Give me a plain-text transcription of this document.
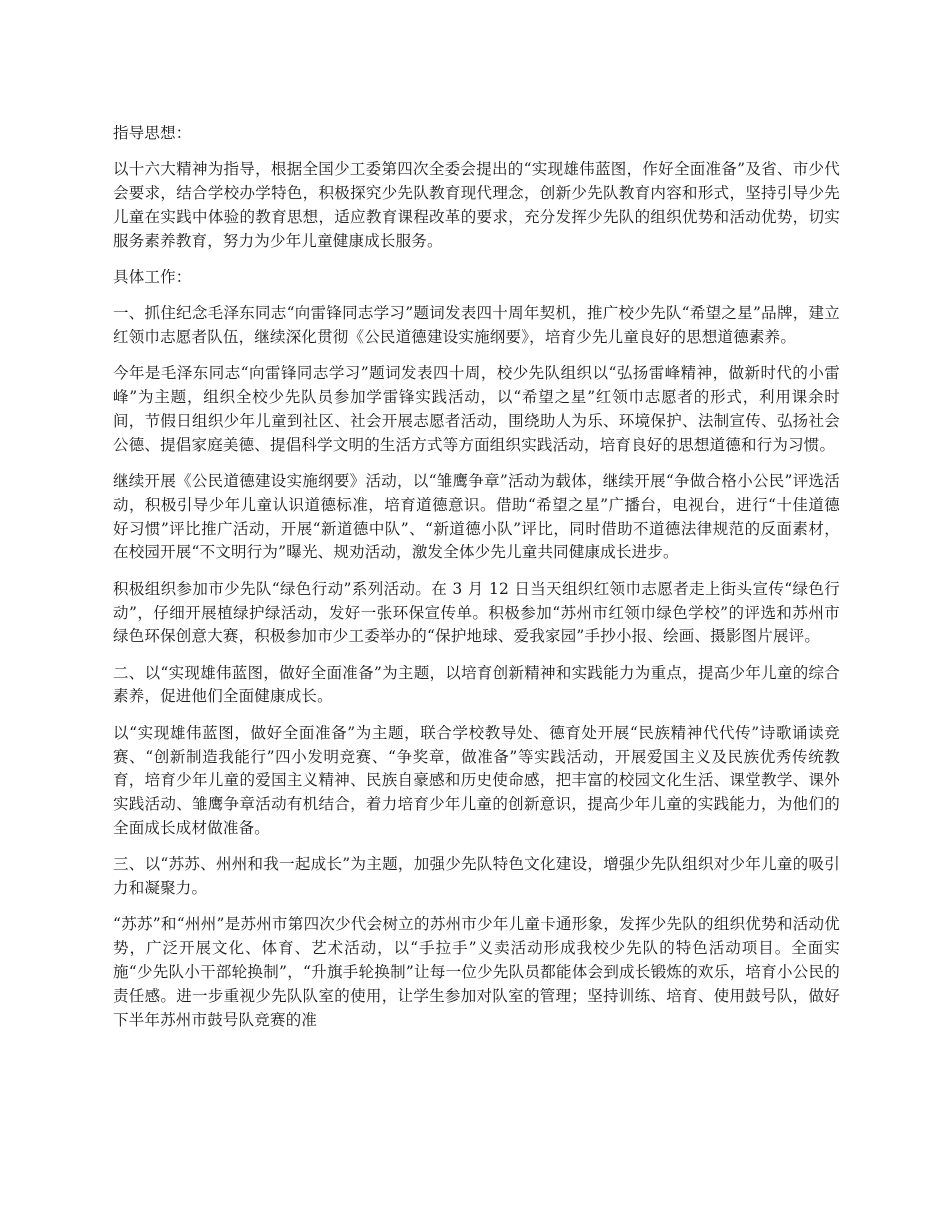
指导思想：

以十六大精神为指导，根据全国少工委第四次全委会提出的“实现雄伟蓝图，作好全面准备”及省、市少代会要求，结合学校办学特色，积极探究少先队教育现代理念，创新少先队教育内容和形式，坚持引导少先儿童在实践中体验的教育思想，适应教育课程改革的要求，充分发挥少先队的组织优势和活动优势，切实服务素养教育，努力为少年儿童健康成长服务。

具体工作：

一、抓住纪念毛泽东同志“向雷锋同志学习”题词发表四十周年契机，推广校少先队“希望之星”品牌，建立红领巾志愿者队伍，继续深化贯彻《公民道德建设实施纲要》，培育少先儿童良好的思想道德素养。

今年是毛泽东同志“向雷锋同志学习”题词发表四十周，校少先队组织以“弘扬雷峰精神，做新时代的小雷峰”为主题，组织全校少先队员参加学雷锋实践活动，以“希望之星”红领巾志愿者的形式，利用课余时间，节假日组织少年儿童到社区、社会开展志愿者活动，围绕助人为乐、环境保护、法制宣传、弘扬社会公德、提倡家庭美德、提倡科学文明的生活方式等方面组织实践活动，培育良好的思想道德和行为习惯。

继续开展《公民道德建设实施纲要》活动，以“雏鹰争章”活动为载体，继续开展“争做合格小公民”评选活动，积极引导少年儿童认识道德标准，培育道德意识。借助“希望之星”广播台，电视台，进行“十佳道德好习惯”评比推广活动，开展“新道德中队”、“新道德小队”评比，同时借助不道德法律规范的反面素材，在校园开展“不文明行为”曝光、规劝活动，激发全体少先儿童共同健康成长进步。

积极组织参加市少先队“绿色行动”系列活动。在 3 月 12 日当天组织红领巾志愿者走上街头宣传“绿色行动”，仔细开展植绿护绿活动，发好一张环保宣传单。积极参加“苏州市红领巾绿色学校”的评选和苏州市绿色环保创意大赛，积极参加市少工委举办的“保护地球、爱我家园”手抄小报、绘画、摄影图片展评。

二、以“实现雄伟蓝图，做好全面准备”为主题，以培育创新精神和实践能力为重点，提高少年儿童的综合素养，促进他们全面健康成长。

以“实现雄伟蓝图，做好全面准备”为主题，联合学校教导处、德育处开展“民族精神代代传”诗歌诵读竞赛、“创新制造我能行”四小发明竞赛、“争奖章，做准备”等实践活动，开展爱国主义及民族优秀传统教育，培育少年儿童的爱国主义精神、民族自豪感和历史使命感，把丰富的校园文化生活、课堂教学、课外实践活动、雏鹰争章活动有机结合，着力培育少年儿童的创新意识，提高少年儿童的实践能力，为他们的全面成长成材做准备。

三、以“苏苏、州州和我一起成长”为主题，加强少先队特色文化建设，增强少先队组织对少年儿童的吸引力和凝聚力。

“苏苏”和“州州”是苏州市第四次少代会树立的苏州市少年儿童卡通形象，发挥少先队的组织优势和活动优势，广泛开展文化、体育、艺术活动，以“手拉手”义卖活动形成我校少先队的特色活动项目。全面实施“少先队小干部轮换制”，“升旗手轮换制”让每一位少先队员都能体会到成长锻炼的欢乐，培育小公民的责任感。进一步重视少先队队室的使用，让学生参加对队室的管理；坚持训练、培育、使用鼓号队，做好下半年苏州市鼓号队竞赛的准
